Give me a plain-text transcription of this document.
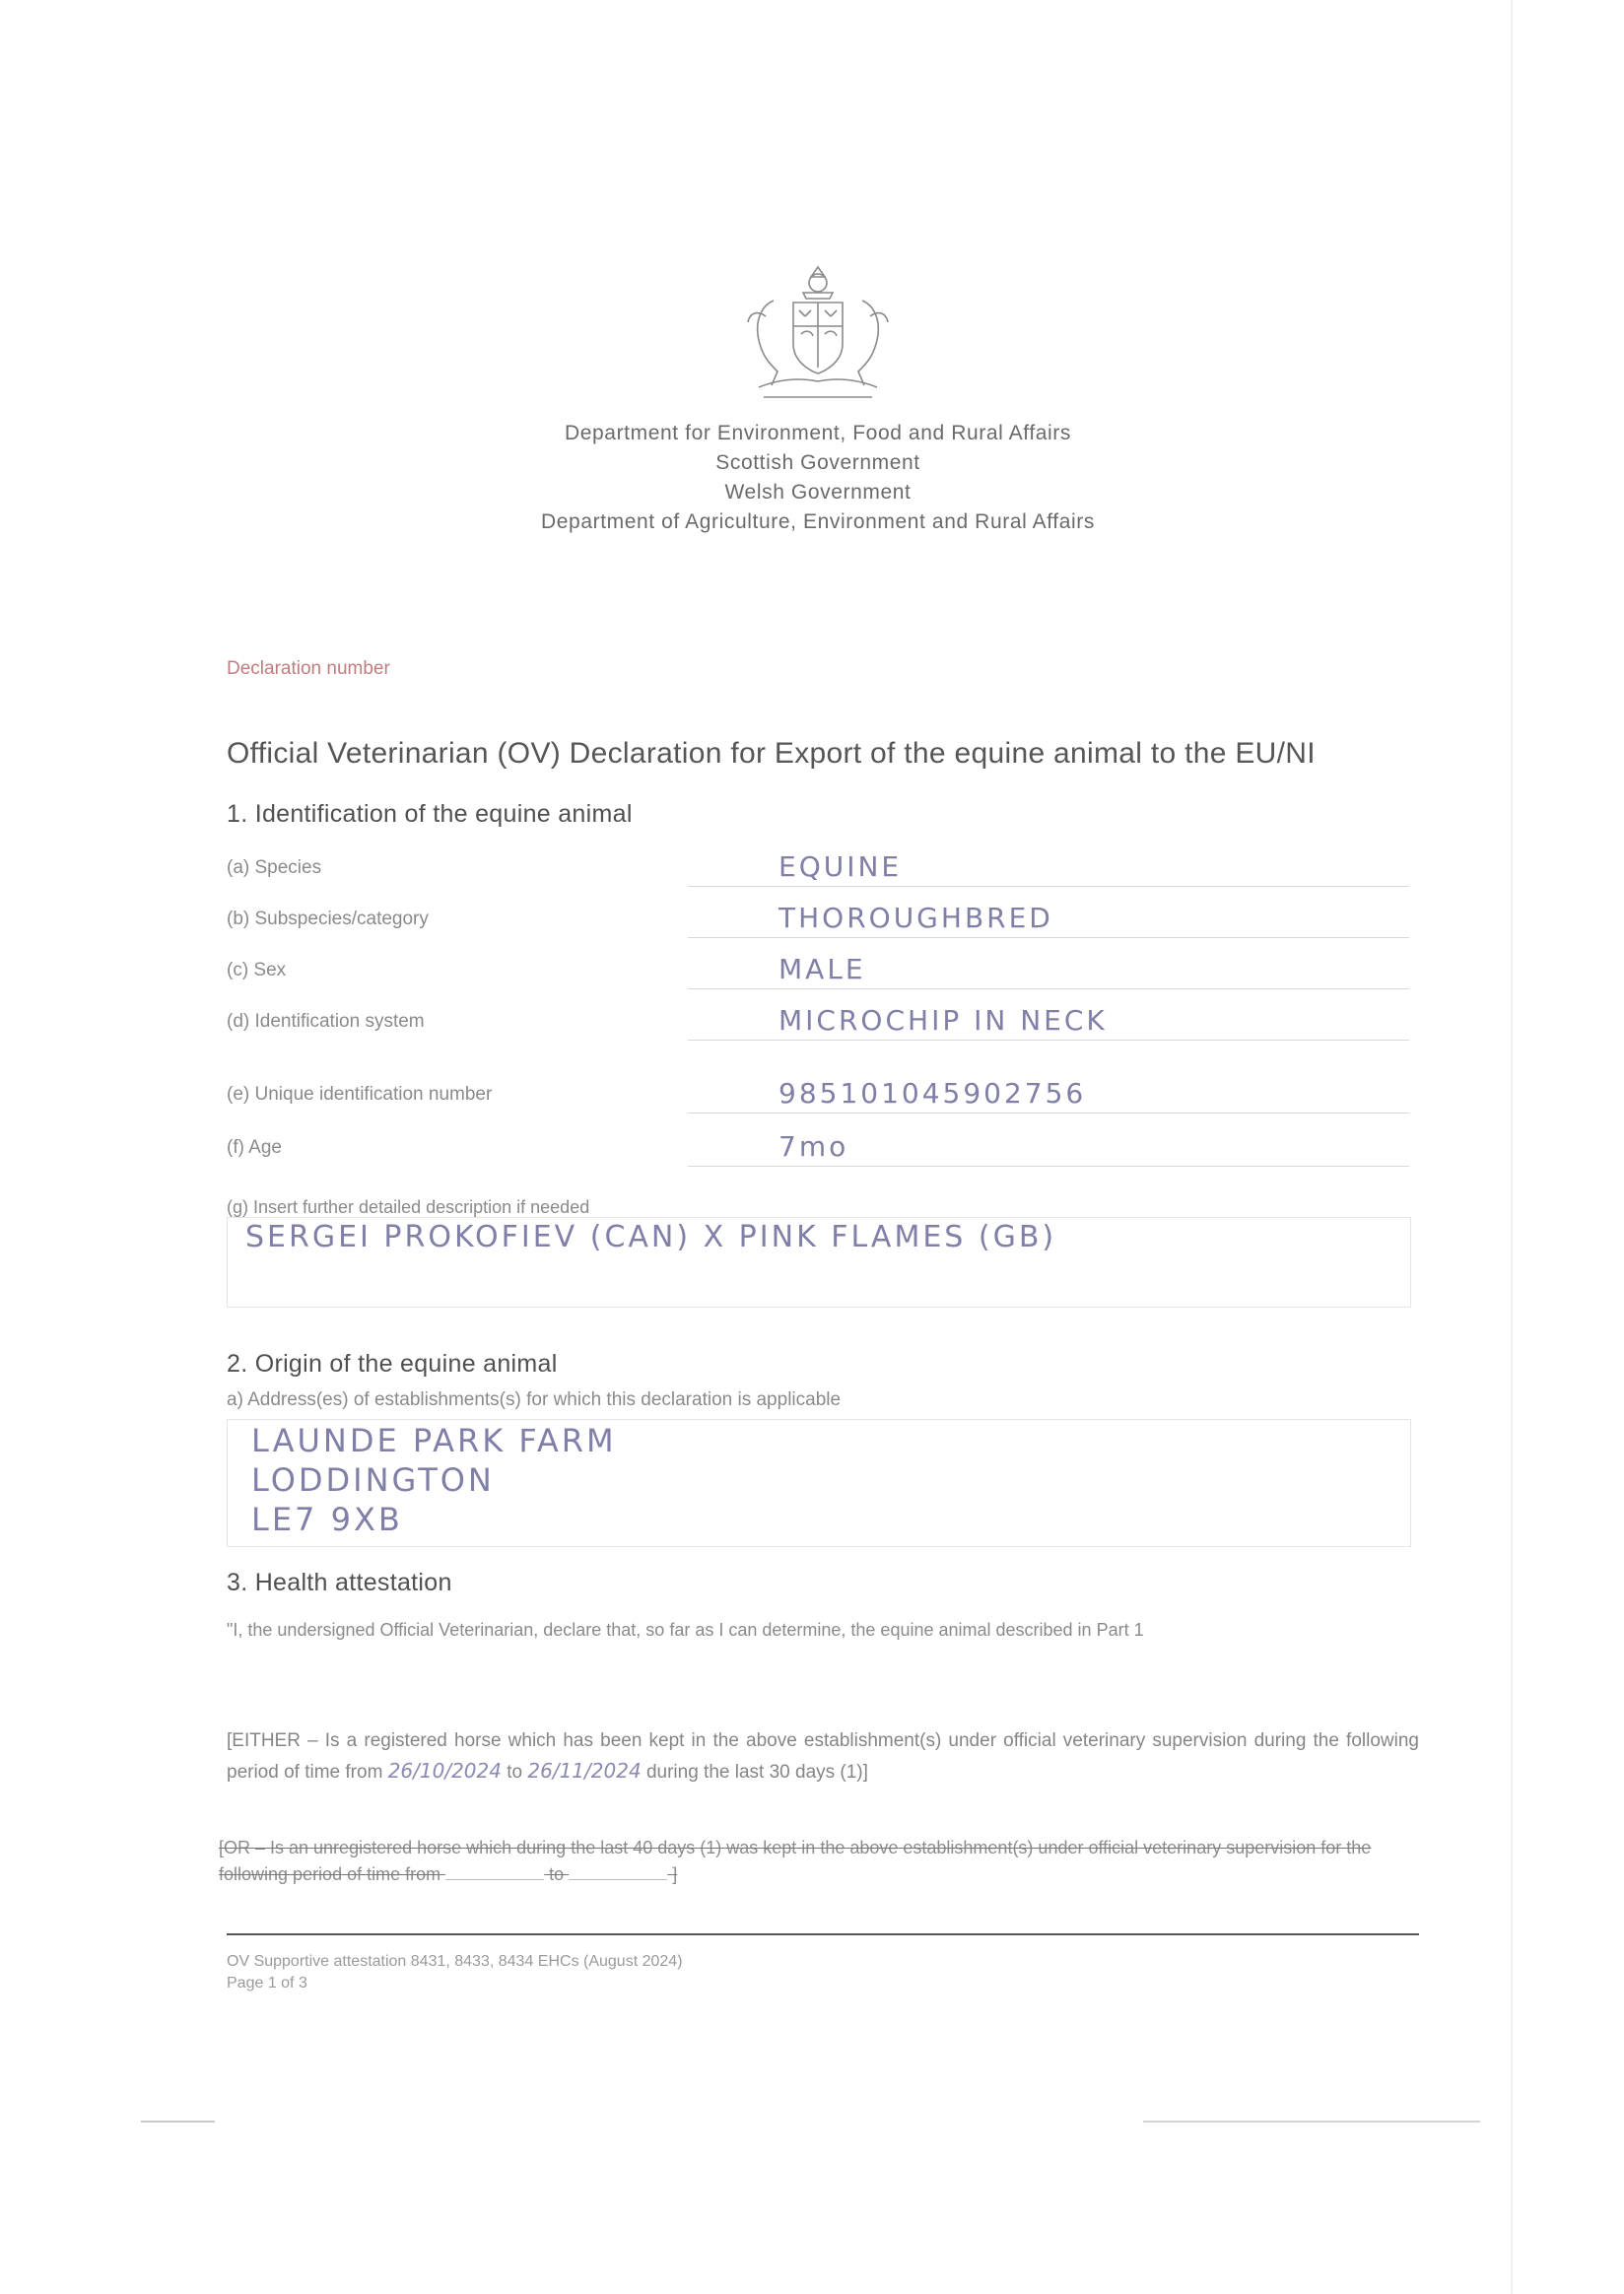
Department for Environment, Food and Rural Affairs
Scottish Government
Welsh Government
Department of Agriculture, Environment and Rural Affairs
Declaration number
Official Veterinarian (OV) Declaration for Export of the equine animal to the EU/NI
1. Identification of the equine animal
(a) Species	EQUINE
(b) Subspecies/category	THOROUGHBRED
(c) Sex	MALE
(d) Identification system	MICROCHIP IN NECK
(e) Unique identification number	985101045902756
(f) Age	7mo
(g) Insert further detailed description if needed
SERGEI PROKOFIEV (CAN) X PINK FLAMES (GB)
2. Origin of the equine animal
a) Address(es) of establishments(s) for which this declaration is applicable
LAUNDE PARK FARM
LODDINGTON
LE7 9XB
3. Health attestation
"I, the undersigned Official Veterinarian, declare that, so far as I can determine, the equine animal described in Part 1
[EITHER – Is a registered horse which has been kept in the above establishment(s) under official veterinary supervision during the following period of time from 26/10/2024 to 26/11/2024 during the last 30 days (1)]
[OR – Is an unregistered horse which during the last 40 days (1) was kept in the above establishment(s) under official veterinary supervision for the following period of time from	to	]
OV Supportive attestation 8431, 8433, 8434 EHCs (August 2024)
Page 1 of 3
